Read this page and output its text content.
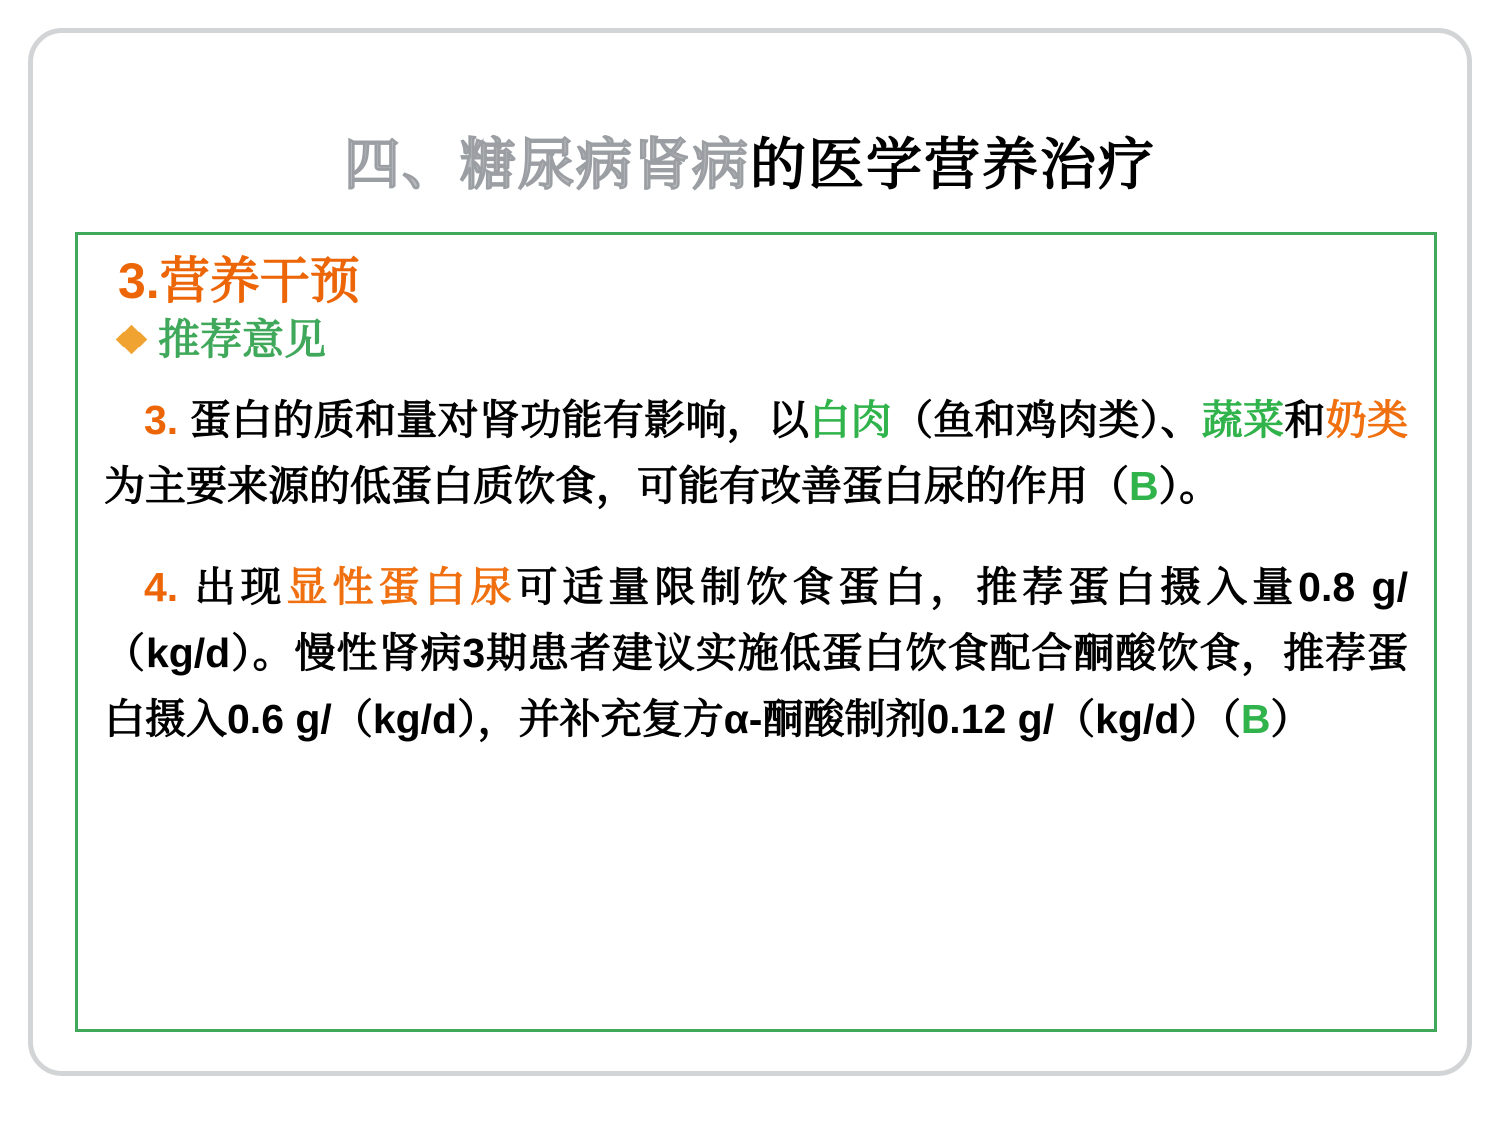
四、糖尿病肾病的医学营养治疗
3.营养干预
推荐意见

3. 蛋白的质和量对肾功能有影响，以白肉（鱼和鸡肉类）、蔬菜和奶类为主要来源的低蛋白质饮食，可能有改善蛋白尿的作用（B）。

4. 出现显性蛋白尿可适量限制饮食蛋白，推荐蛋白摄入量0.8 g/（kg/d）。慢性肾病3期患者建议实施低蛋白饮食配合酮酸饮食，推荐蛋白摄入0.6 g/（kg/d），并补充复方α-酮酸制剂0.12 g/（kg/d）（B）
